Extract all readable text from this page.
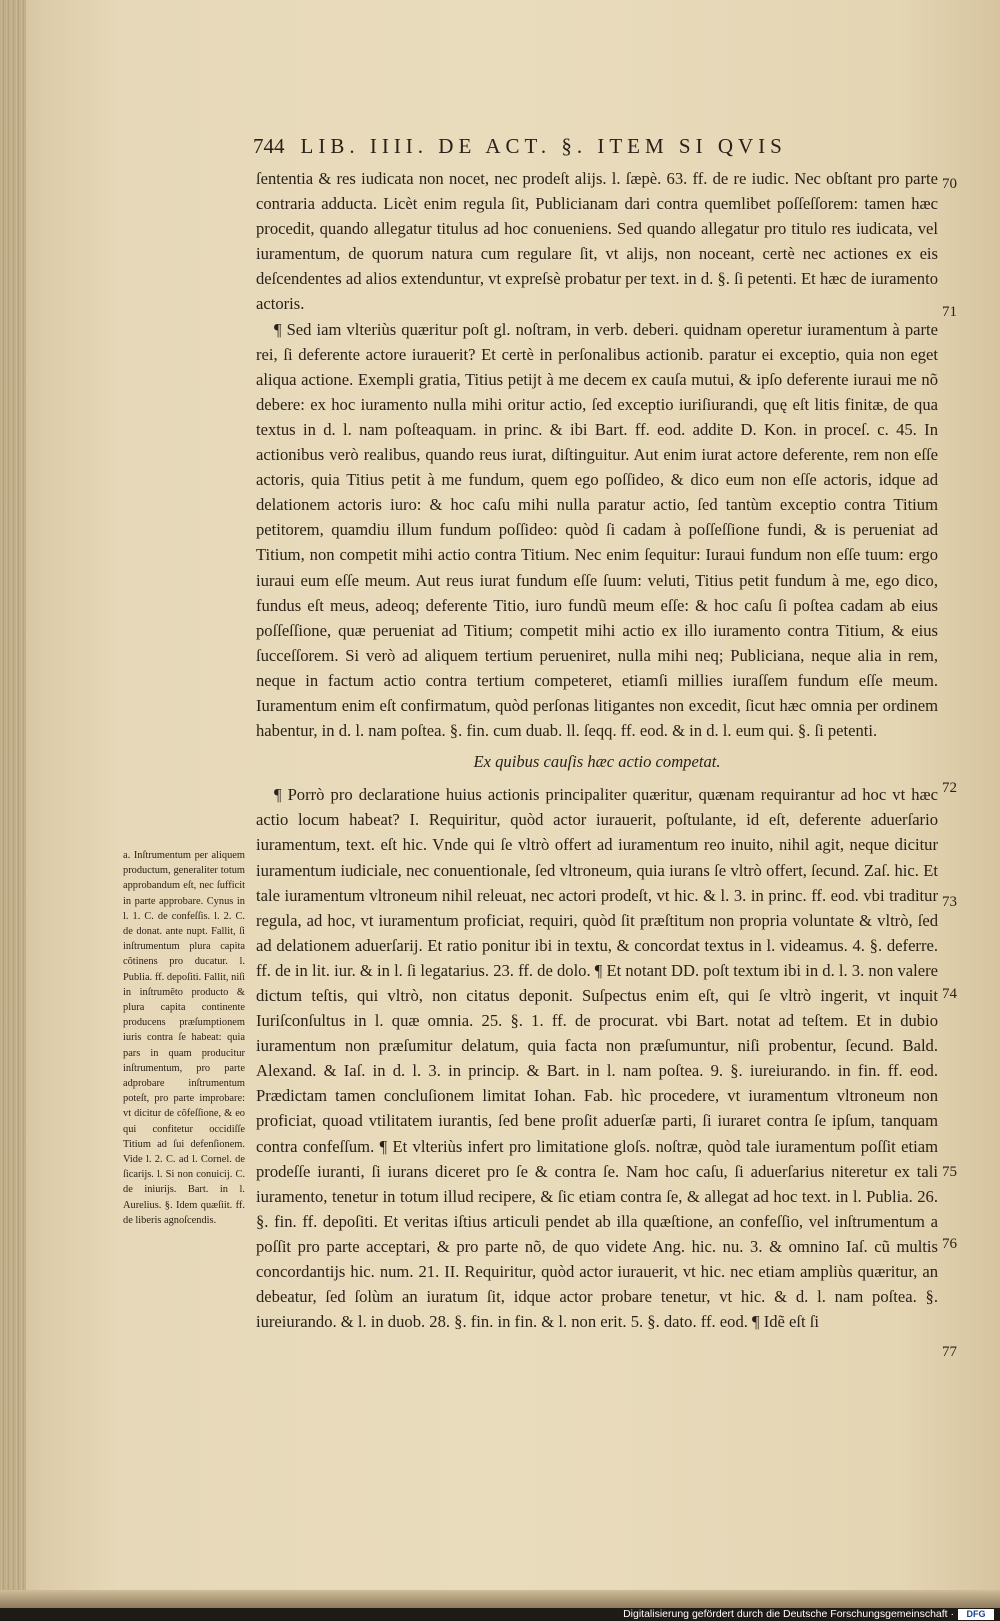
744 LIB. IIII. DE ACT. §. ITEM SI QVIS

ſententia & res iudicata non nocet, nec prodeſt alijs. l. ſæpè. 63. ff. de re iudic. Nec obſtant pro parte contraria adducta. Licèt enim regula ſit, Publicianam dari contra quemlibet poſſeſſorem: tamen hæc procedit, quando allegatur titulus ad hoc conueniens. Sed quando allegatur pro titulo res iudicata, vel iuramentum, de quorum natura cum regulare ſit, vt alijs, non noceant, certè nec actiones ex eis deſcendentes ad alios extenduntur, vt expreſsè probatur per text. in d. §. ſi petenti. Et hæc de iuramento actoris.

¶ Sed iam vlteriùs quæritur poſt gl. noſtram, in verb. deberi. quidnam operetur iuramentum à parte rei, ſi deferente actore iurauerit? Et certè in perſonalibus actionib. paratur ei exceptio, quia non eget aliqua actione. Exempli gratia, Titius petijt à me decem ex cauſa mutui, & ipſo deferente iuraui me nõ debere: ex hoc iuramento nulla mihi oritur actio, ſed exceptio iuriſiurandi, quę eſt litis finitæ, de qua textus in d. l. nam poſteaquam. in princ. & ibi Bart. ff. eod. addite D. Kon. in proceſ. c. 45. In actionibus verò realibus, quando reus iurat, diſtinguitur. Aut enim iurat actore deferente, rem non eſſe actoris, quia Titius petit à me fundum, quem ego poſſideo, & dico eum non eſſe actoris, idque ad delationem actoris iuro: & hoc caſu mihi nulla paratur actio, ſed tantùm exceptio contra Titium petitorem, quamdiu illum fundum poſſideo: quòd ſi cadam à poſſeſſione fundi, & is perueniat ad Titium, non competit mihi actio contra Titium. Nec enim ſequitur: Iuraui fundum non eſſe tuum: ergo iuraui eum eſſe meum. Aut reus iurat fundum eſſe ſuum: veluti, Titius petit fundum à me, ego dico, fundus eſt meus, adeoq; deferente Titio, iuro fundũ meum eſſe: & hoc caſu ſi poſtea cadam ab eius poſſeſſione, quæ perueniat ad Titium; competit mihi actio ex illo iuramento contra Titium, & eius ſucceſſorem. Si verò ad aliquem tertium perueniret, nulla mihi neq; Publiciana, neque alia in rem, neque in factum actio contra tertium competeret, etiamſi millies iuraſſem fundum eſſe meum. Iuramentum enim eſt confirmatum, quòd perſonas litigantes non excedit, ſicut hæc omnia per ordinem habentur, in d. l. nam poſtea. §. fin. cum duab. ll. ſeqq. ff. eod. & in d. l. eum qui. §. ſi petenti.

Ex quibus cauſis hæc actio competat.

¶ Porrò pro declaratione huius actionis principaliter quæritur, quænam requirantur ad hoc vt hæc actio locum habeat? I. Requiritur, quòd actor iurauerit, poſtulante, id eſt, deferente aduerſario iuramentum, text. eſt hic. Vnde qui ſe vltrò offert ad iuramentum reo inuito, nihil agit, neque dicitur iuramentum iudiciale, nec conuentionale, ſed vltroneum, quia iurans ſe vltrò offert, ſecund. Zaſ. hic. Et tale iuramentum vltroneum nihil releuat, nec actori prodeſt, vt hic. & l. 3. in princ. ff. eod. vbi traditur regula, ad hoc, vt iuramentum proficiat, requiri, quòd ſit præſtitum non propria voluntate & vltrò, ſed ad delationem aduerſarij. Et ratio ponitur ibi in textu, & concordat textus in l. videamus. 4. §. deferre. ff. de in lit. iur. & in l. ſi legatarius. 23. ff. de dolo. ¶ Et notant DD. poſt textum ibi in d. l. 3. non valere dictum teſtis, qui vltrò, non citatus deponit. Suſpectus enim eſt, qui ſe vltrò ingerit, vt inquit Iuriſconſultus in l. quæ omnia. 25. §. 1. ff. de procurat. vbi Bart. notat ad teſtem. Et in dubio iuramentum non præſumitur delatum, quia facta non præſumuntur, niſi probentur, ſecund. Bald. Alexand. & Iaſ. in d. l. 3. in princip. & Bart. in l. nam poſtea. 9. §. iureiurando. in fin. ff. eod. Prædictam tamen concluſionem limitat Iohan. Fab. hìc procedere, vt iuramentum vltroneum non proficiat, quoad vtilitatem iurantis, ſed bene proſit aduerſæ parti, ſi iuraret contra ſe ipſum, tanquam contra confeſſum. ¶ Et vlteriùs infert pro limitatione gloſs. noſtræ, quòd tale iuramentum poſſit etiam prodeſſe iuranti, ſi iurans diceret pro ſe & contra ſe. Nam hoc caſu, ſi aduerſarius niteretur ex tali iuramento, tenetur in totum illud recipere, & ſic etiam contra ſe, & allegat ad hoc text. in l. Publia. 26. §. fin. ff. depoſiti. Et veritas iſtius articuli pendet ab illa quæſtione, an confeſſio, vel inſtrumentum a poſſit pro parte acceptari, & pro parte nõ, de quo videte Ang. hic. nu. 3. & omnino Iaſ. cũ multis concordantijs hic. num. 21. II. Requiritur, quòd actor iurauerit, vt hic. nec etiam ampliùs quæritur, an debeatur, ſed ſolùm an iuratum ſit, idque actor probare tenetur, vt hic. & d. l. nam poſtea. §. iureiurando. & l. in duob. 28. §. fin. in fin. & l. non erit. 5. §. dato. ff. eod. ¶ Idẽ eſt ſi

70
71
72
73
74
75
76
77
a. Inſtrumentum per aliquem productum, generaliter totum approbandum eſt, nec ſufficit in parte approbare. Cynus in l. 1. C. de confeſſis. l. 2. C. de donat. ante nupt. Fallit, ſi inſtrumentum plura capita cõtinens pro ducatur. l. Publia. ff. depoſiti. Fallit, niſi in inſtrumẽto producto & plura capita continente producens præſumptionem iuris contra ſe habeat: quia pars in quam producitur inſtrumentum, pro parte adprobare inſtrumentum poteſt, pro parte improbare: vt dicitur de cõfeſſione, & eo qui confitetur occidiſſe Titium ad ſui defenſionem. Vide l. 2. C. ad l. Cornel. de ſicarijs. l. Si non conuicij. C. de iniurijs. Bart. in l. Aurelius. §. Idem quæſiit. ff. de liberis agnoſcendis.
Digitalisierung gefördert durch die Deutsche Forschungsgemeinschaft ·	DFG
